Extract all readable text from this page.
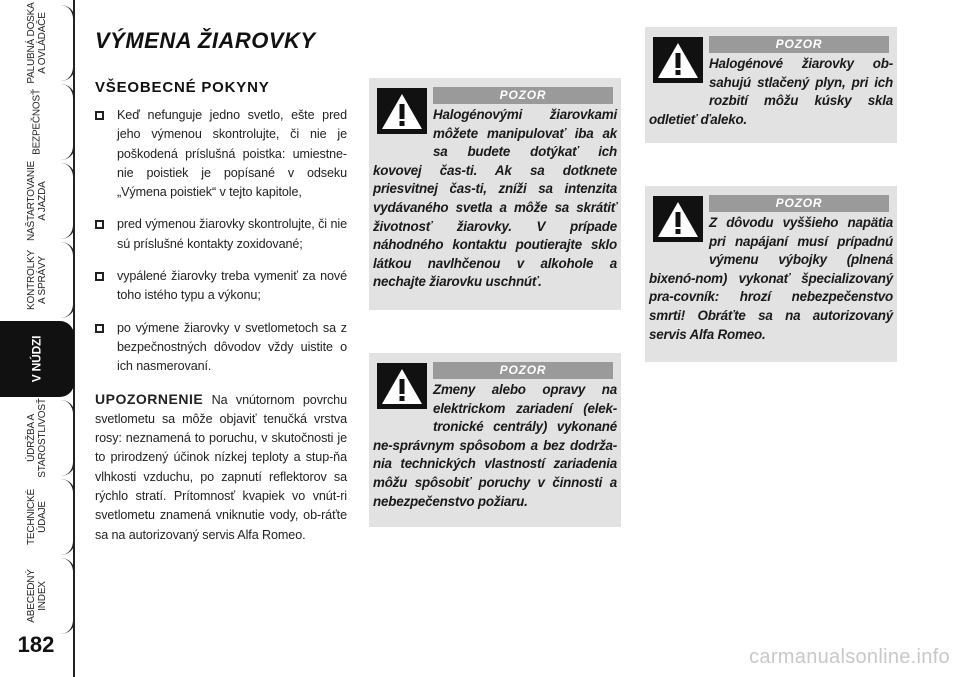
PALUBNÁ DOSKA
A OVLÁDAČE
BEZPEČNOSŤ
NAŠTARTOVANIE
A JAZDA
KONTROLKY
A SPRÁVY
V NÚDZI
ÚDRŽBA A
STAROSTLIVOSŤ
TECHNICKÉ
ÚDAJE
ABECEDNÝ
INDEX
182
VÝMENA ŽIAROVKY
VŠEOBECNÉ POKYNY
Keď nefunguje jedno svetlo, ešte pred jeho výmenou skontrolujte, či nie je poškodená príslušná poistka: umiestne-nie poistiek je popísané v odseku „Výmena poistiek“ v tejto kapitole,
pred výmenou žiarovky skontrolujte, či nie sú príslušné kontakty zoxidované;
vypálené žiarovky treba vymeniť za nové toho istého typu a výkonu;
po výmene žiarovky v svetlometoch sa z bezpečnostných dôvodov vždy uistite o ich nasmerovaní.
UPOZORNENIE Na vnútornom povrchu svetlometu sa môže objaviť tenučká vrstva rosy: neznamená to poruchu, v skutočnosti je to prirodzený účinok nízkej teploty a stup-ňa vlhkosti vzduchu, po zapnutí reflektorov sa rýchlo stratí. Prítomnosť kvapiek vo vnút-ri svetlometu znamená vniknutie vody, ob-ráťte sa na autorizovaný servis Alfa Romeo.
POZOR
Halogénovými žiarovkami môžete manipulovať iba ak sa budete dotýkať ich kovovej čas-ti. Ak sa dotknete priesvitnej čas-ti, zníži sa intenzita vydávaného svetla a môže sa skrátiť životnosť žiarovky. V prípade náhodného kontaktu poutierajte sklo látkou navlhčenou v alkohole a nechajte žiarovku uschnúť.
POZOR
Zmeny alebo opravy na elektrickom zariadení (elek-tronické centrály) vykonané ne-správnym spôsobom a bez dodrža-nia technických vlastností zariadenia môžu spôsobiť poruchy v činnosti a nebezpečenstvo požiaru.
POZOR
Halogénové žiarovky ob-sahujú stlačený plyn, pri ich rozbití môžu kúsky skla odletieť ďaleko.
POZOR
Z dôvodu vyššieho napätia pri napájaní musí prípadnú výmenu výbojky (plnená bixenó-nom) vykonať špecializovaný pra-covník: hrozí nebezpečenstvo smrti! Obráťte sa na autorizovaný servis Alfa Romeo.
carmanualsonline.info
